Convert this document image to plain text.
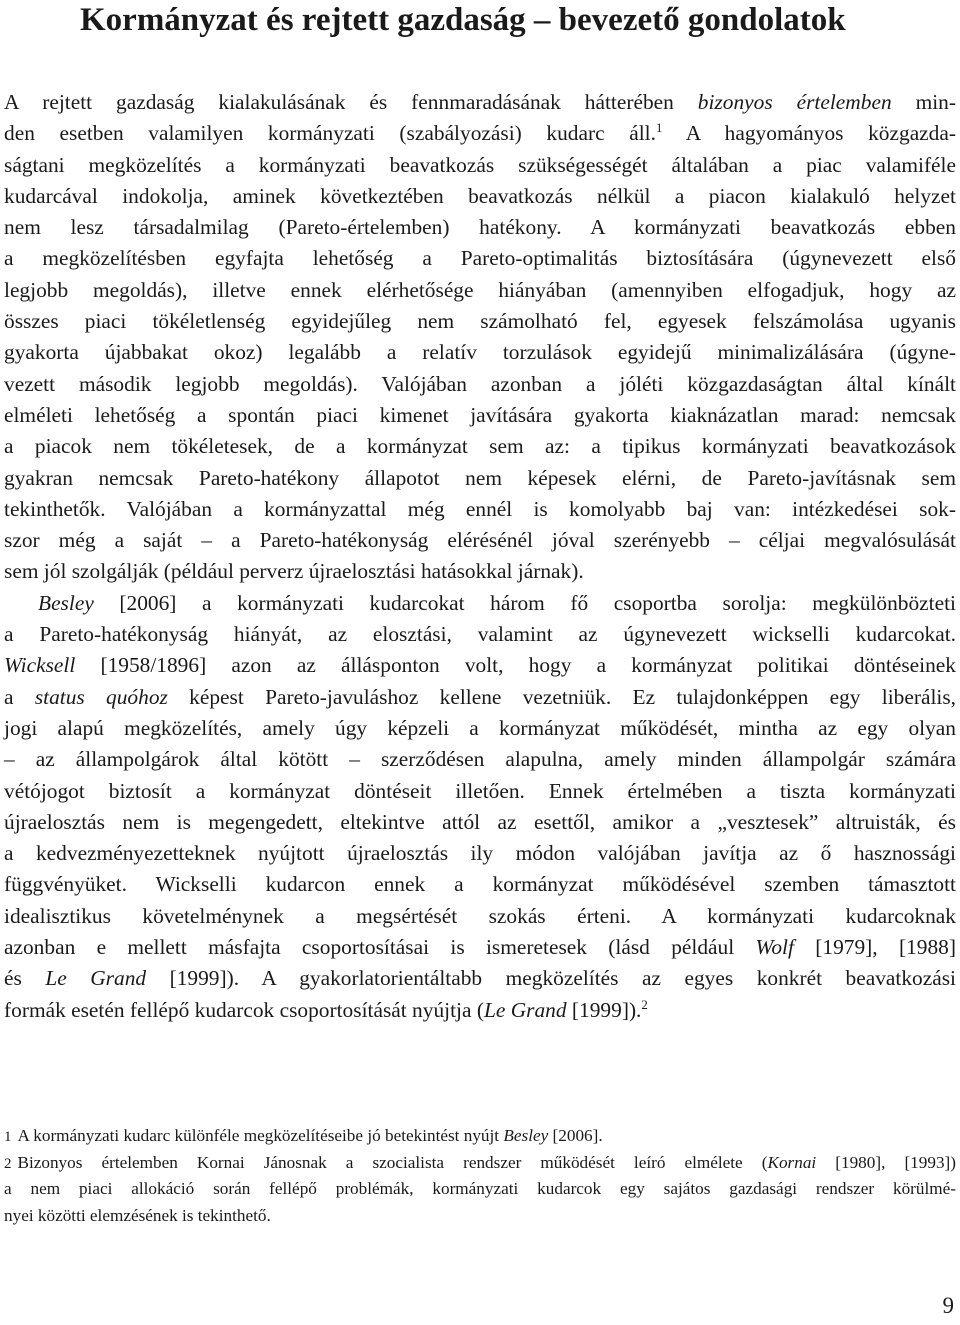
Kormányzat és rejtett gazdaság – bevezető gondolatok
A rejtett gazdaság kialakulásának és fennmaradásának hátterében bizonyos értelemben min-
den esetben valamilyen kormányzati (szabályozási) kudarc áll.$^1$ A hagyományos közgazda-
ságtani megközelítés a kormányzati beavatkozás szükségességét általában a piac valamiféle
kudarcával indokolja, aminek következtében beavatkozás nélkül a piacon kialakuló helyzet
nem lesz társadalmilag (Pareto-értelemben) hatékony. A kormányzati beavatkozás ebben
a megközelítésben egyfajta lehetőség a Pareto-optimalitás biztosítására (úgynevezett első
legjobb megoldás), illetve ennek elérhetősége hiányában (amennyiben elfogadjuk, hogy az
összes piaci tökéletlenség egyidejűleg nem számolható fel, egyesek felszámolása ugyanis
gyakorta újabbakat okoz) legalább a relatív torzulások egyidejű minimalizálására (úgyne-
vezett második legjobb megoldás). Valójában azonban a jóléti közgazdaságtan által kínált
elméleti lehetőség a spontán piaci kimenet javítására gyakorta kiaknázatlan marad: nemcsak
a piacok nem tökéletesek, de a kormányzat sem az: a tipikus kormányzati beavatkozások
gyakran nemcsak Pareto-hatékony állapotot nem képesek elérni, de Pareto-javításnak sem
tekinthetők. Valójában a kormányzattal még ennél is komolyabb baj van: intézkedései sok-
szor még a saját – a Pareto-hatékonyság elérésénél jóval szerényebb – céljai megvalósulását
sem jól szolgálják (például perverz újraelosztási hatásokkal járnak).
Besley [2006] a kormányzati kudarcokat három fő csoportba sorolja: megkülönbözteti
a Pareto-hatékonyság hiányát, az elosztási, valamint az úgynevezett wickselli kudarcokat.
Wicksell [1958/1896] azon az állásponton volt, hogy a kormányzat politikai döntéseinek
a status quóhoz képest Pareto-javuláshoz kellene vezetniük. Ez tulajdonképpen egy liberális,
jogi alapú megközelítés, amely úgy képzeli a kormányzat működését, mintha az egy olyan
– az állampolgárok által kötött – szerződésen alapulna, amely minden állampolgár számára
vétójogot biztosít a kormányzat döntéseit illetően. Ennek értelmében a tiszta kormányzati
újraelosztás nem is megengedett, eltekintve attól az esettől, amikor a „vesztesek” altruisták, és
a kedvezményezetteknek nyújtott újraelosztás ily módon valójában javítja az ő hasznossági
függvényüket. Wickselli kudarcon ennek a kormányzat működésével szemben támasztott
idealisztikus követelménynek a megsértését szokás érteni. A kormányzati kudarcoknak
azonban e mellett másfajta csoportosításai is ismeretesek (lásd például Wolf [1979], [1988]
és Le Grand [1999]). A gyakorlatorientáltabb megközelítés az egyes konkrét beavatkozási
formák esetén fellépő kudarcok csoportosítását nyújtja (Le Grand [1999]).$^2$
1 A kormányzati kudarc különféle megközelítéseibe jó betekintést nyújt Besley [2006].
2 Bizonyos értelemben Kornai Jánosnak a szocialista rendszer működését leíró elmélete (Kornai [1980], [1993])
a nem piaci allokáció során fellépő problémák, kormányzati kudarcok egy sajátos gazdasági rendszer körülmé-
nyei közötti elemzésének is tekinthető.
9
